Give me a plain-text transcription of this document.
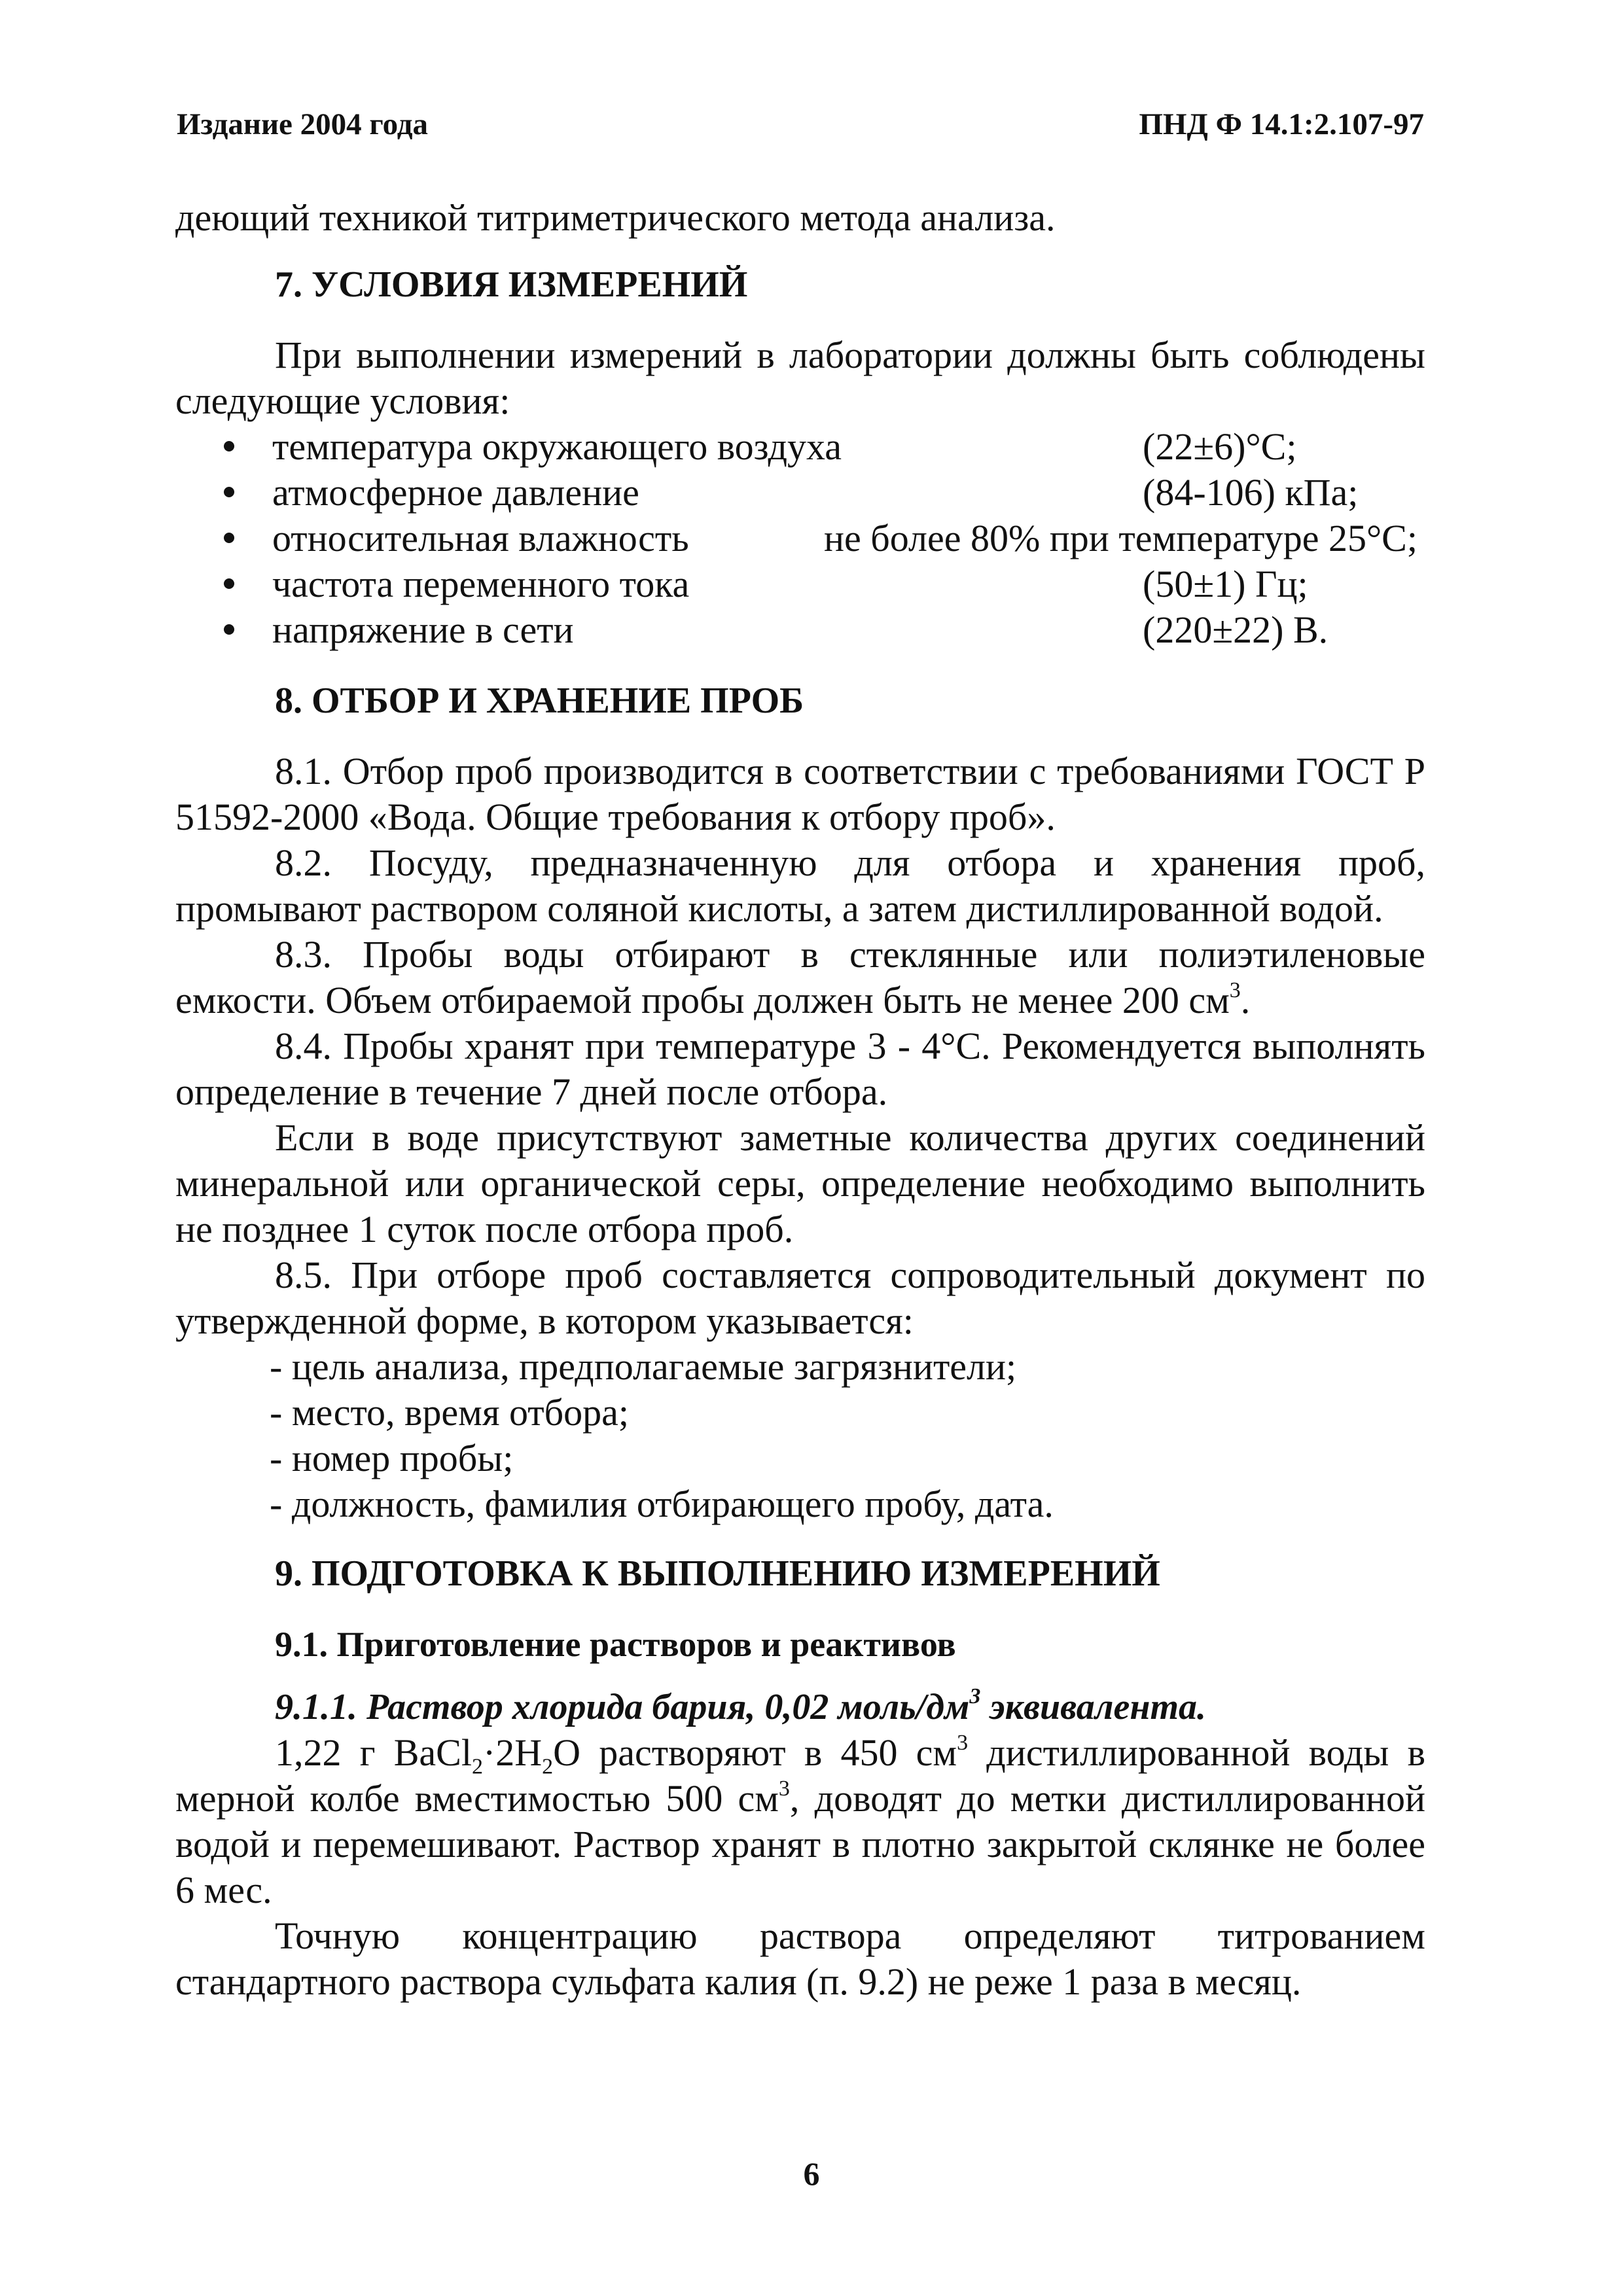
Издание 2004 года	ПНД Ф 14.1:2.107-97

деющий техникой титриметрического метода анализа.

7. УСЛОВИЯ ИЗМЕРЕНИЙ

При выполнении измерений в лаборатории должны быть соблюдены следующие условия:

температура окружающего воздуха	(22±6)°С;
атмосферное давление	(84-106) кПа;
относительная влажность	не более 80% при температуре 25°С;
частота переменного тока	(50±1) Гц;
напряжение в сети	(220±22) В.
8. ОТБОР И ХРАНЕНИЕ ПРОБ

8.1. Отбор проб производится в соответствии с требованиями ГОСТ Р 51592-2000 «Вода. Общие требования к отбору проб».

8.2. Посуду, предназначенную для отбора и хранения проб, промывают раствором соляной кислоты, а затем дистиллированной водой.

8.3. Пробы воды отбирают в стеклянные или полиэтиленовые емкости. Объем отбираемой пробы должен быть не менее 200 $см^3$.

8.4. Пробы хранят при температуре 3 - 4°С. Рекомендуется выполнять определение в течение 7 дней после отбора.

Если в воде присутствуют заметные количества других соединений минеральной или органической серы, определение необходимо выполнить не позднее 1 суток после отбора проб.

8.5. При отборе проб составляется сопроводительный документ по утвержденной форме, в котором указывается:

- цель анализа, предполагаемые загрязнители;
- место, время отбора;
- номер пробы;
- должность, фамилия отбирающего пробу, дата.
9. ПОДГОТОВКА К ВЫПОЛНЕНИЮ ИЗМЕРЕНИЙ
9.1. Приготовление растворов и реактивов
9.1.1. Раствор хлорида бария, 0,02 моль/$дм^3$ эквивалента.

1,22 г $BaCl_2\cdot 2H_2O$ растворяют в 450 $см^3$ дистиллированной воды в мерной колбе вместимостью 500 $см^3$, доводят до метки дистиллированной водой и перемешивают. Раствор хранят в плотно закрытой склянке не более 6 мес.

Точную концентрацию раствора определяют титрованием стандартного раствора сульфата калия (п. 9.2) не реже 1 раза в месяц.

6
